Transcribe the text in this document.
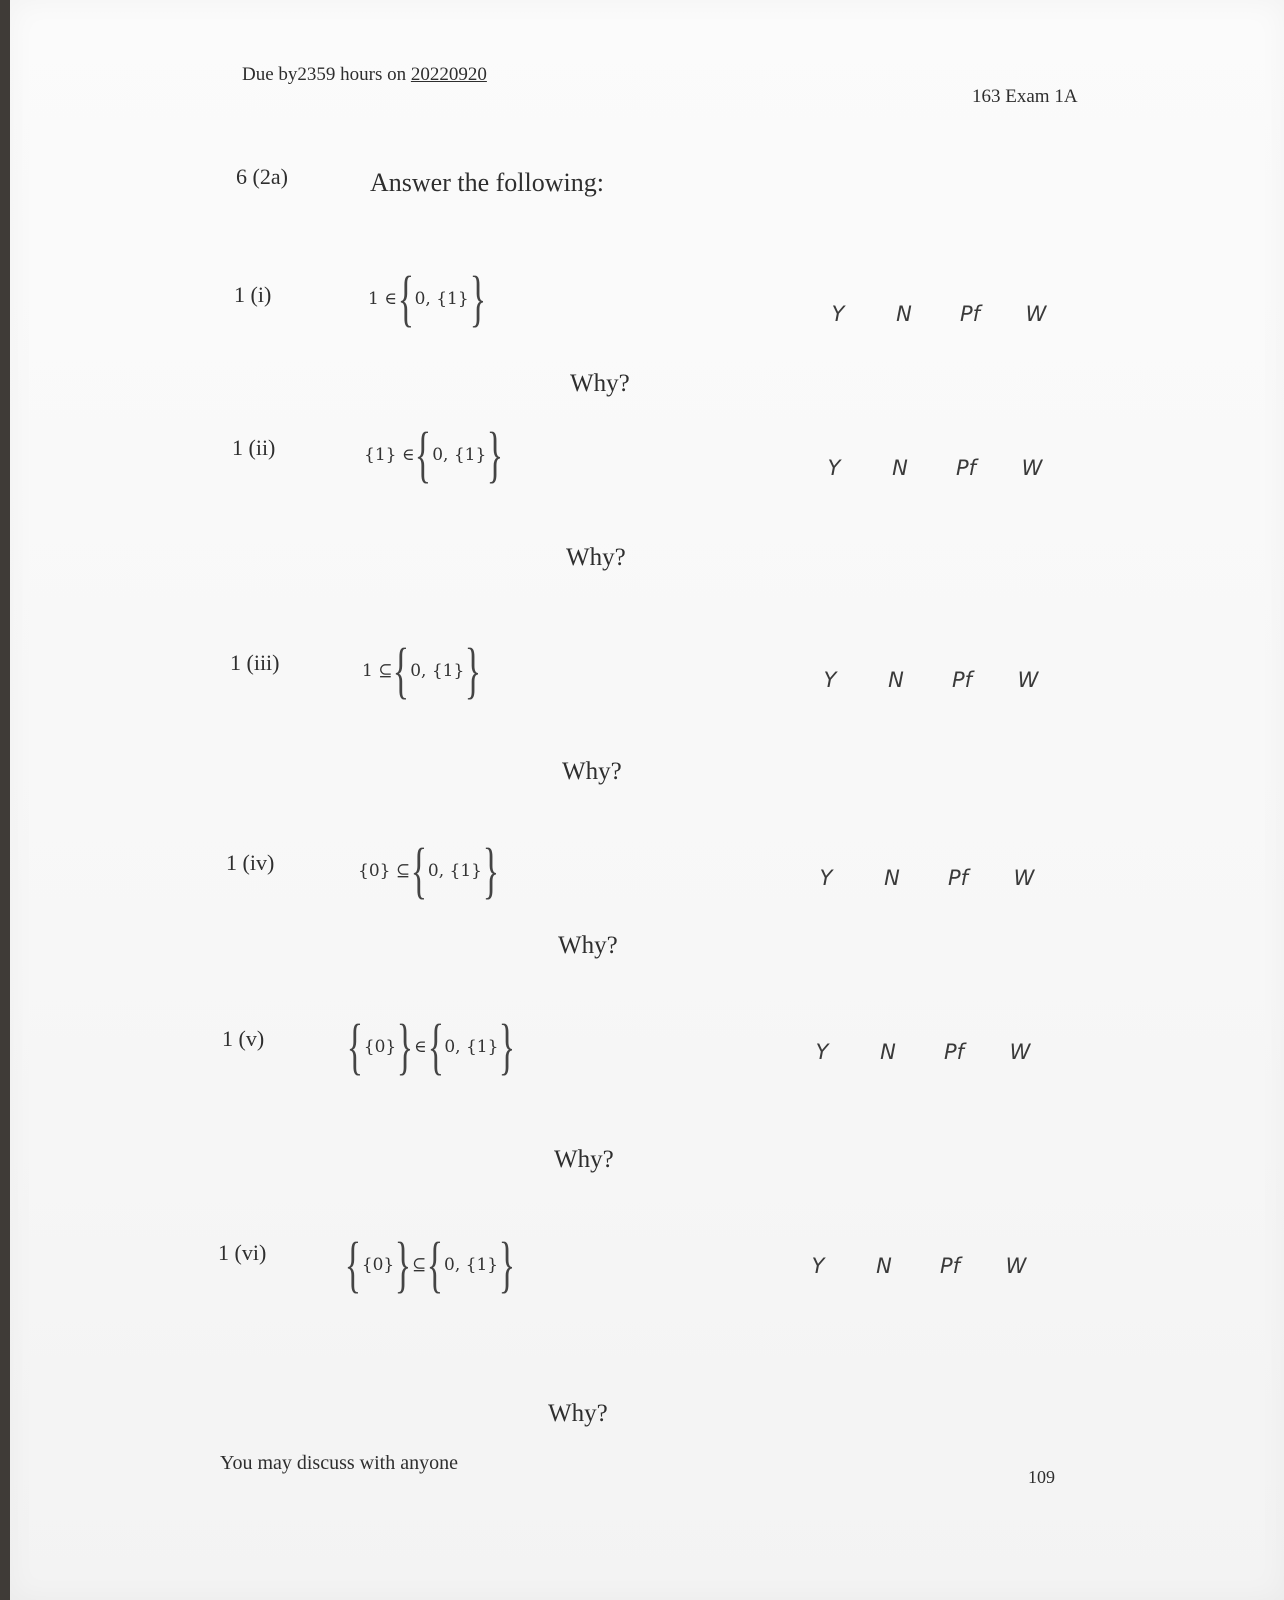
Due by2359 hours on 20220920
163 Exam 1A
6 (2a)	Answer the following:
1 (i)	1 ∈ { 0, {1} }	Y	N	Pf	W
Why?
1 (ii)	{1} ∈ { 0, {1} }	Y	N	Pf	W
Why?
1 (iii)	1 ⊆ { 0, {1} }	Y	N	Pf	W
Why?
1 (iv)	{0} ⊆ { 0, {1} }	Y	N	Pf	W
Why?
1 (v) { {0} } ∈ { 0, {1} }	Y	N	Pf	W
Why?
1 (vi) { {0} } ⊆ { 0, {1} }	Y	N	Pf	W
Why?
You may discuss with anyone
109
